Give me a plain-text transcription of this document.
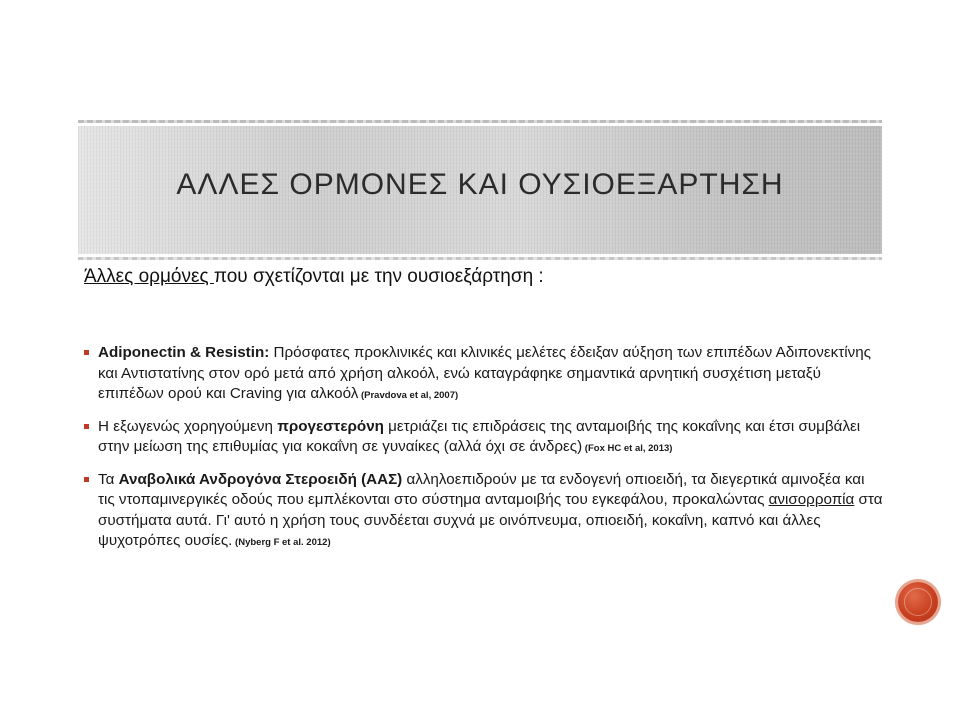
ΑΛΛΕΣ ΟΡΜΟΝΕΣ ΚΑΙ ΟΥΣΙΟΕΞΑΡΤΗΣΗ
Άλλες ορμόνες που σχετίζονται με την ουσιοεξάρτηση :
Adiponectin & Resistin: Πρόσφατες προκλινικές και κλινικές μελέτες έδειξαν αύξηση των επιπέδων Αδιπονεκτίνης και Αντιστατίνης στον ορό μετά από χρήση αλκοόλ, ενώ καταγράφηκε σημαντικά αρνητική συσχέτιση μεταξύ επιπέδων ορού και Craving για αλκοόλ (Pravdova et al, 2007)
Η εξωγενώς χορηγούμενη προγεστερόνη μετριάζει τις επιδράσεις της ανταμοιβής της κοκαΐνης και έτσι συμβάλει στην μείωση της επιθυμίας για κοκαΐνη σε γυναίκες (αλλά όχι σε άνδρες) (Fox HC et al, 2013)
Τα Αναβολικά Ανδρογόνα Στεροειδή (ΑΑΣ) αλληλοεπιδρούν με τα ενδογενή οπιοειδή, τα διεγερτικά αμινοξέα και τις ντοπαμινεργικές οδούς που εμπλέκονται στο σύστημα ανταμοιβής του εγκεφάλου, προκαλώντας ανισορροπία στα συστήματα αυτά. Γι' αυτό η χρήση τους συνδέεται συχνά με οινόπνευμα, οπιοειδή, κοκαΐνη, καπνό και άλλες ψυχοτρόπες ουσίες. (Nyberg F et al. 2012)
